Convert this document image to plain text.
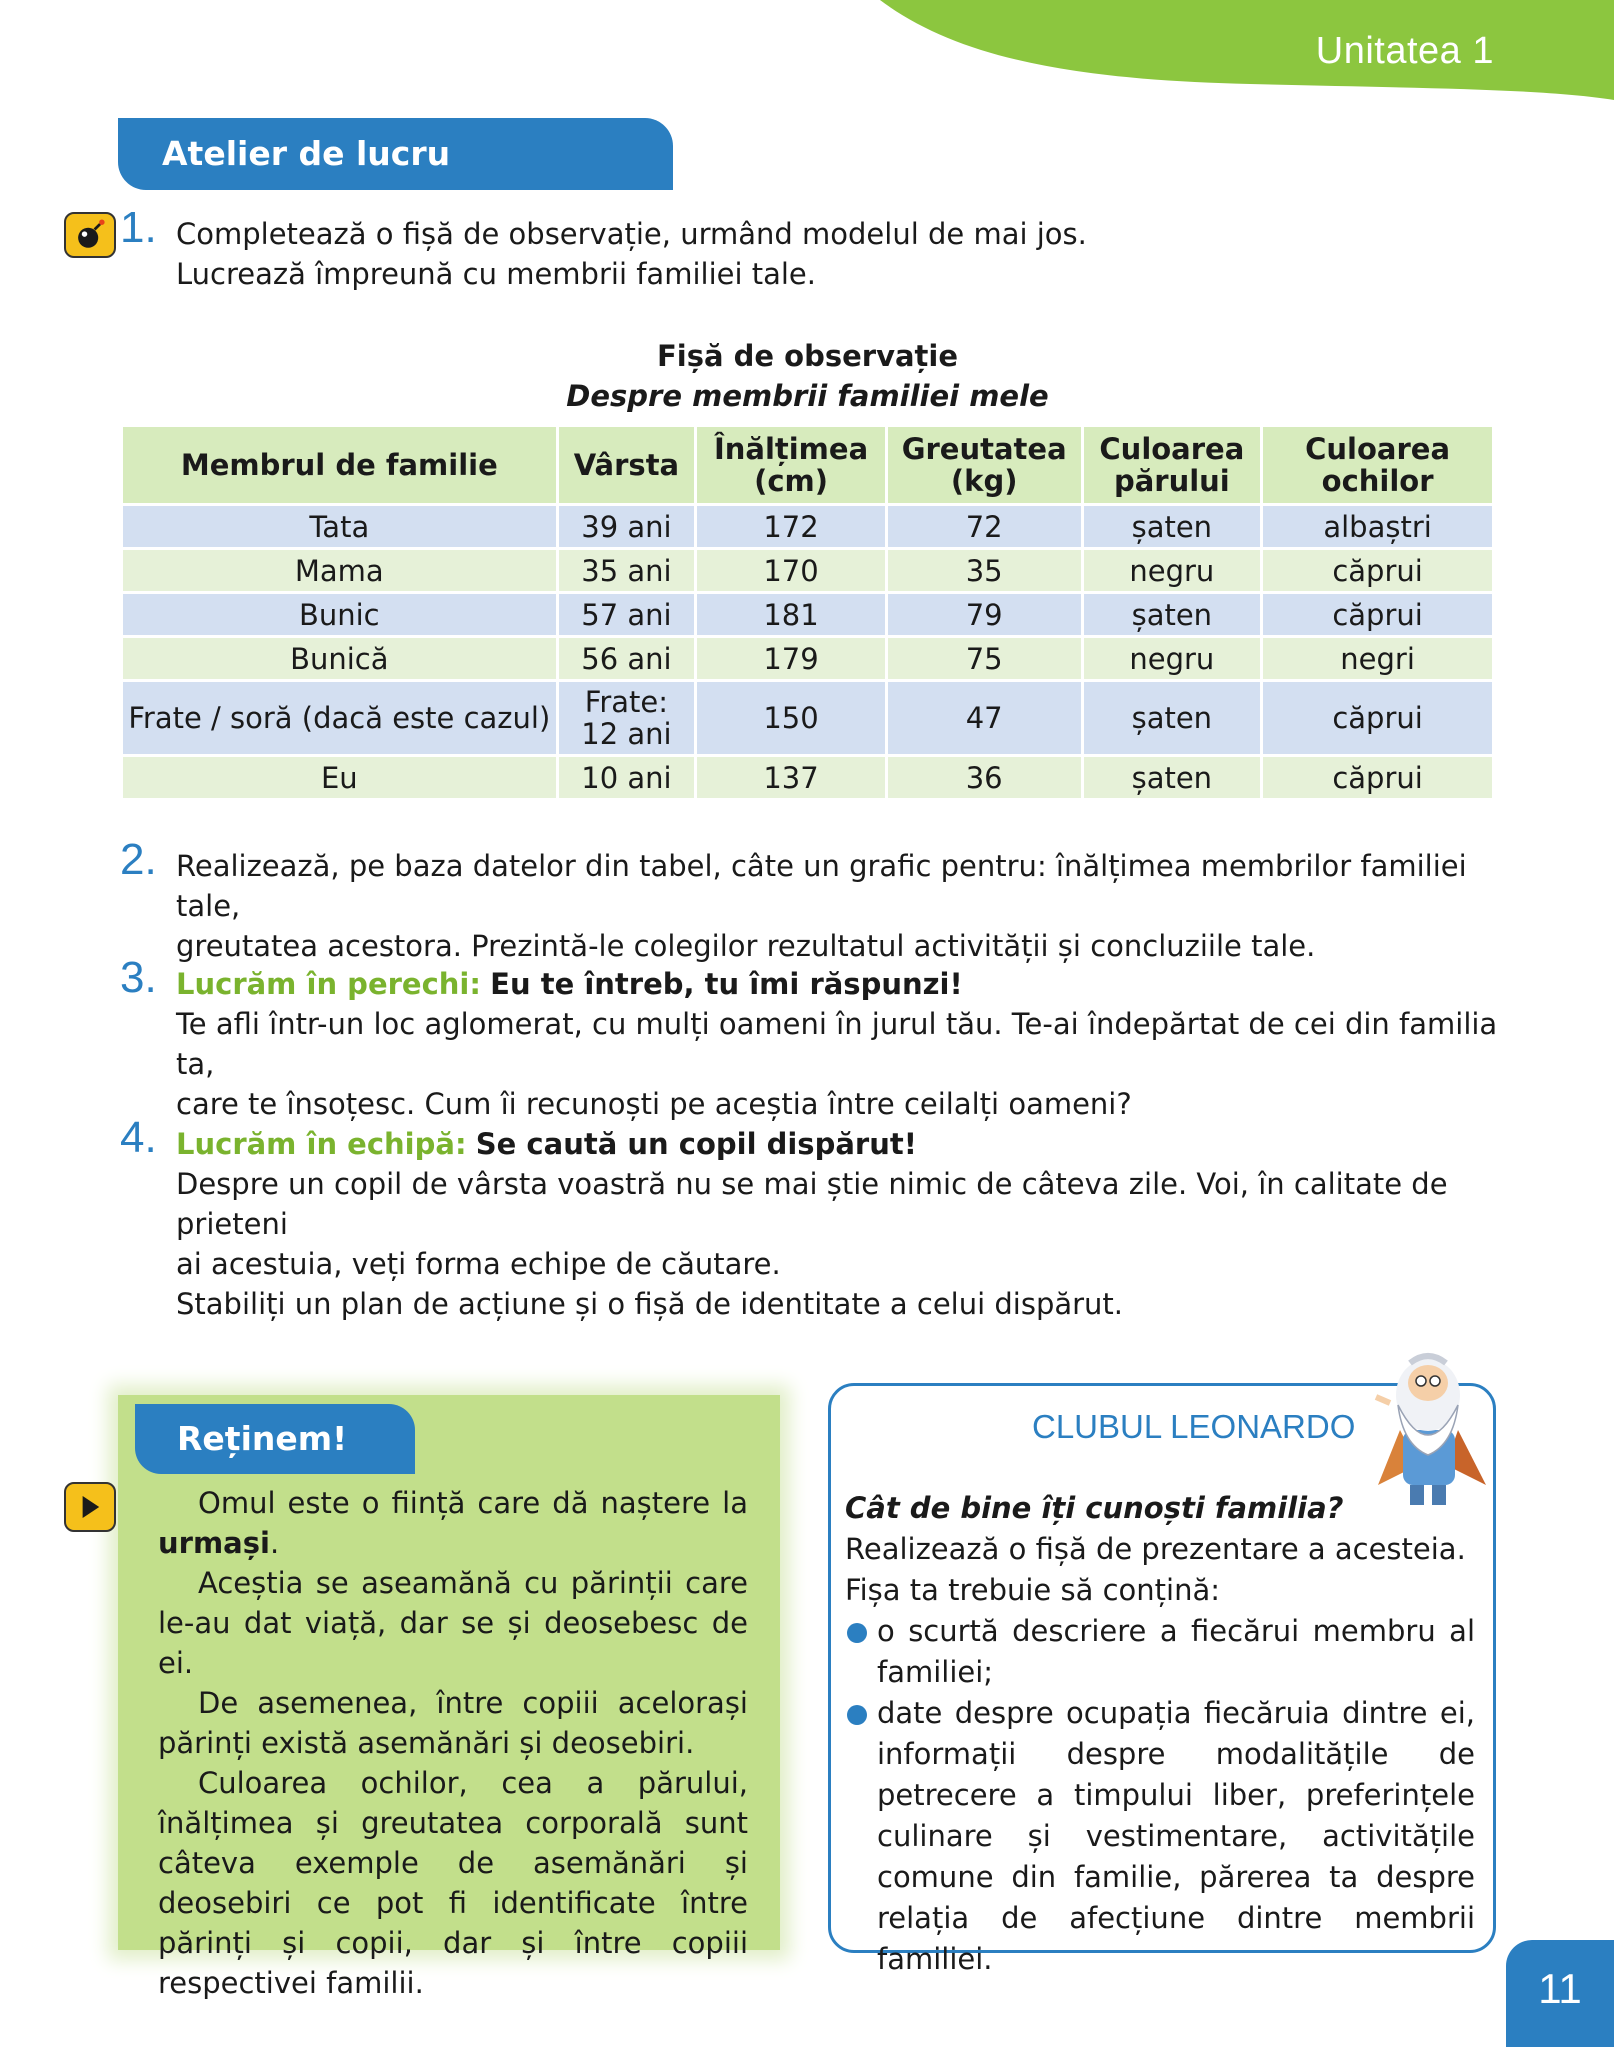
Unitatea 1
Atelier de lucru
1. Completează o fișă de observație, urmând modelul de mai jos.
Lucrează împreună cu membrii familiei tale.
Fișă de observație
Despre membrii familiei mele
Membrul de familie	Vârsta	Înălțimea (cm)	Greutatea (kg)	Culoarea părului	Culoarea ochilor
Tata	39 ani	172	72	șaten	albaștri
Mama	35 ani	170	35	negru	căprui
Bunic	57 ani	181	79	șaten	căprui
Bunică	56 ani	179	75	negru	negri
Frate / soră (dacă este cazul)	Frate: 12 ani	150	47	șaten	căprui
Eu	10 ani	137	36	șaten	căprui
2. Realizează, pe baza datelor din tabel, câte un grafic pentru: înălțimea membrilor familiei tale,
greutatea acestora. Prezintă-le colegilor rezultatul activității și concluziile tale.
3. Lucrăm în perechi: Eu te întreb, tu îmi răspunzi!
Te afli într-un loc aglomerat, cu mulți oameni în jurul tău. Te-ai îndepărtat de cei din familia ta,
care te însoțesc. Cum îi recunoști pe aceștia între ceilalți oameni?
4. Lucrăm în echipă: Se caută un copil dispărut!
Despre un copil de vârsta voastră nu se mai știe nimic de câteva zile. Voi, în calitate de prieteni
ai acestuia, veți forma echipe de căutare.
Stabiliți un plan de acțiune și o fișă de identitate a celui dispărut.
Reținem!

Omul este o ființă care dă naștere la urmași.

Aceștia se aseamănă cu părinții care le-au dat viață, dar se și deosebesc de ei.

De asemenea, între copiii acelorași părinți există asemănări și deosebiri.

Culoarea ochilor, cea a părului, înălțimea și greutatea corporală sunt câteva exemple de asemănări și deosebiri ce pot fi identificate între părinți și copii, dar și între copiii respectivei familii.

CLUBUL LEONARDO
Cât de bine îți cunoști familia?
Realizează o fișă de prezentare a acesteia.
Fișa ta trebuie să conțină:
o scurtă descriere a fiecărui membru al familiei;
date despre ocupația fiecăruia dintre ei, informații despre modalitățile de petrecere a timpului liber, preferințele culinare și vestimentare, activitățile comune din familie, părerea ta despre relația de afecțiune dintre membrii familiei.
11
